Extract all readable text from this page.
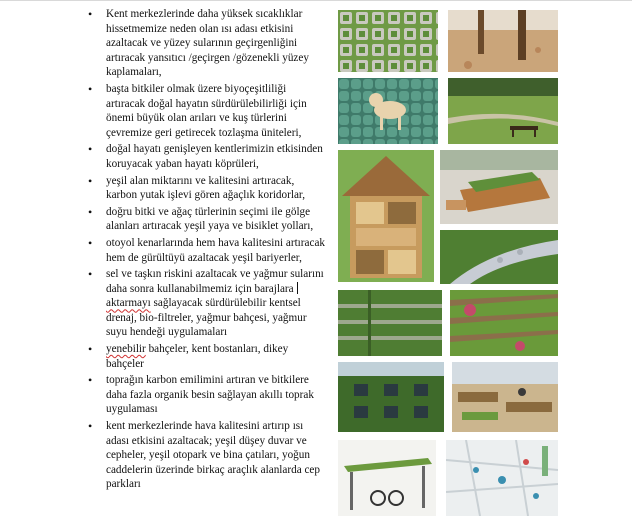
• Kent merkezlerinde daha yüksek sıcaklıklar hissetmemize neden olan ısı adası etkisini azaltacak ve yüzey sularının geçirgenliğini artıracak yansıtıcı /geçirgen /gözenekli yüzey kaplamaları,
• başta bitkiler olmak üzere biyoçeşitliliği artıracak doğal hayatın sürdürülebilirliği için önemi büyük olan arıları ve kuş türlerini çevremize geri getirecek tozlaşma üniteleri,
• doğal hayatı genişleyen kentlerimizin etkisinden koruyacak yaban hayatı köprüleri,
• yeşil alan miktarını ve kalitesini artıracak, karbon yutak işlevi gören ağaçlık koridorlar,
• doğru bitki ve ağaç türlerinin seçimi ile gölge alanları artıracak yeşil yaya ve bisiklet yolları,
• otoyol kenarlarında hem hava kalitesini artıracak hem de gürültüyü azaltacak yeşil bariyerler,
• sel ve taşkın riskini azaltacak ve yağmur sularını daha sonra kullanabilmemiz için barajlara aktarmayı sağlayacak sürdürülebilir kentsel drenaj, bio-filtreler, yağmur bahçesi, yağmur suyu hendeği uygulamaları
• yenebilir bahçeler, kent bostanları, dikey bahçeler
• toprağın karbon emilimini artıran ve bitkilere daha fazla organik besin sağlayan akıllı toprak uygulaması
• kent merkezlerinde hava kalitesini artırıp ısı adası etkisini azaltacak; yeşil düşey duvar ve cepheler, yeşil otopark ve bina çatıları, yoğun caddelerin üzerinde birkaç araçlık alanlarda cep parkları
